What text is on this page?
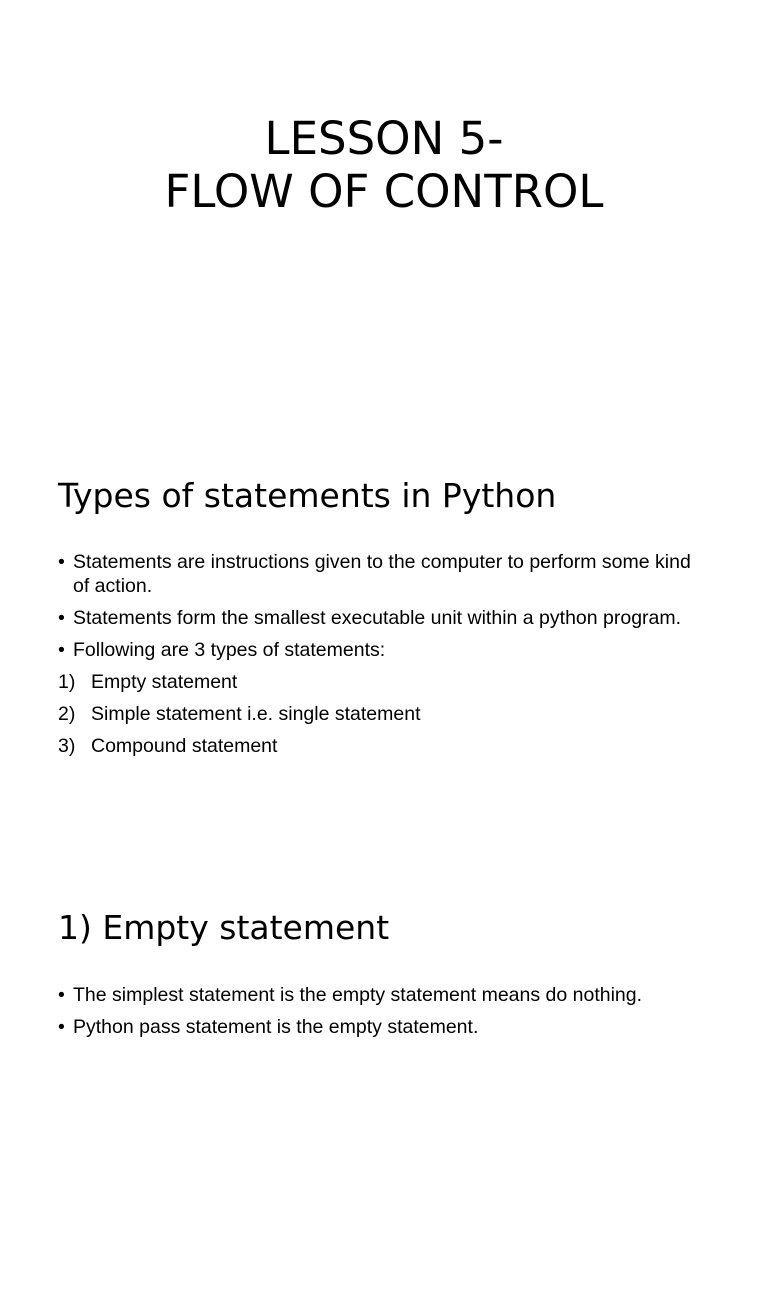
LESSON 5-
FLOW OF CONTROL
Types of statements in Python
• Statements are instructions given to the computer to perform some kind of action.
• Statements form the smallest executable unit within a python program.
• Following are 3 types of statements:
1) Empty statement
2) Simple statement i.e. single statement
3) Compound statement
1) Empty statement
• The simplest statement is the empty statement means do nothing.
• Python pass statement is the empty statement.
